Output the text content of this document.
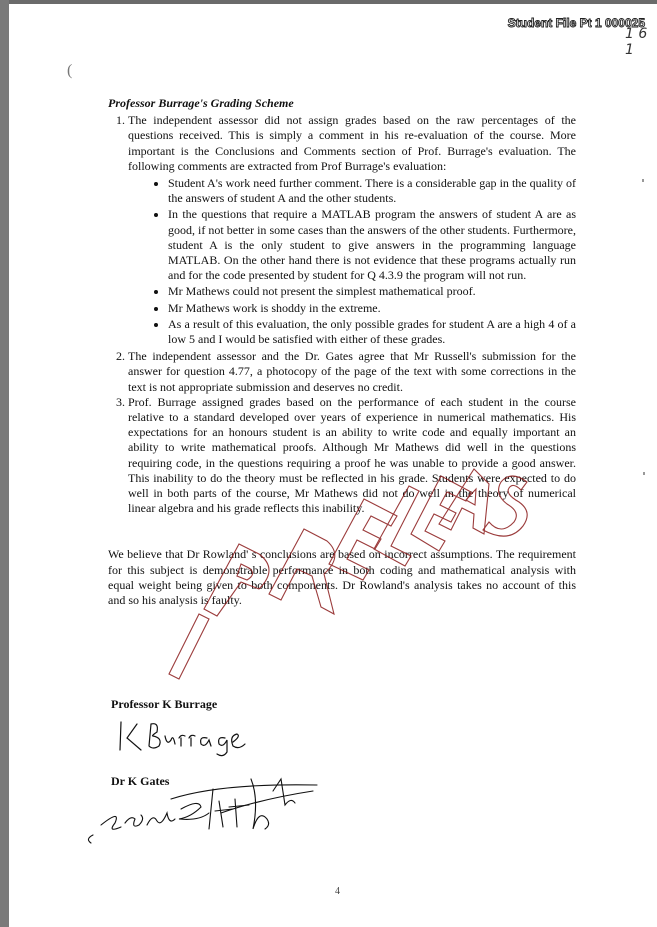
Student File Pt 1 000025
1 6 1
(
Professor Burrage's Grading Scheme
1. The independent assessor did not assign grades based on the raw percentages of the questions received. This is simply a comment in his re-evaluation of the course. More important is the Conclusions and Comments section of Prof. Burrage's evaluation. The following comments are extracted from Prof Burrage's evaluation:
• Student A's work need further comment. There is a considerable gap in the quality of the answers of student A and the other students.
• In the questions that require a MATLAB program the answers of student A are as good, if not better in some cases than the answers of the other students. Furthermore, student A is the only student to give answers in the programming language MATLAB. On the other hand there is not evidence that these programs actually run and for the code presented by student for Q 4.3.9 the program will not run.
• Mr Mathews could not present the simplest mathematical proof.
• Mr Mathews work is shoddy in the extreme.
• As a result of this evaluation, the only possible grades for student A are a high 4 of a low 5 and I would be satisfied with either of these grades.
2. The independent assessor and the Dr. Gates agree that Mr Russell's submission for the answer for question 4.77, a photocopy of the page of the text with some corrections in the text is not appropriate submission and deserves no credit.
3. Prof. Burrage assigned grades based on the performance of each student in the course relative to a standard developed over years of experience in numerical mathematics. His expectations for an honours student is an ability to write code and equally important an ability to write mathematical proofs. Although Mr Mathews did well in the questions requiring code, in the questions requiring a proof he was unable to provide a good answer. This inability to do the theory must be reflected in his grade. Students were expected to do well in both parts of the course, Mr Mathews did not do well in the theory of numerical linear algebra and his grade reflects this inability.
We believe that Dr Rowland' s conclusions are based on incorrect assumptions. The requirement for this subject is demonstrable performance in both coding and mathematical analysis with equal weight being given to both components. Dr Rowland's analysis takes no account of this and so his analysis is faulty.
Professor K Burrage
Dr K Gates
4
